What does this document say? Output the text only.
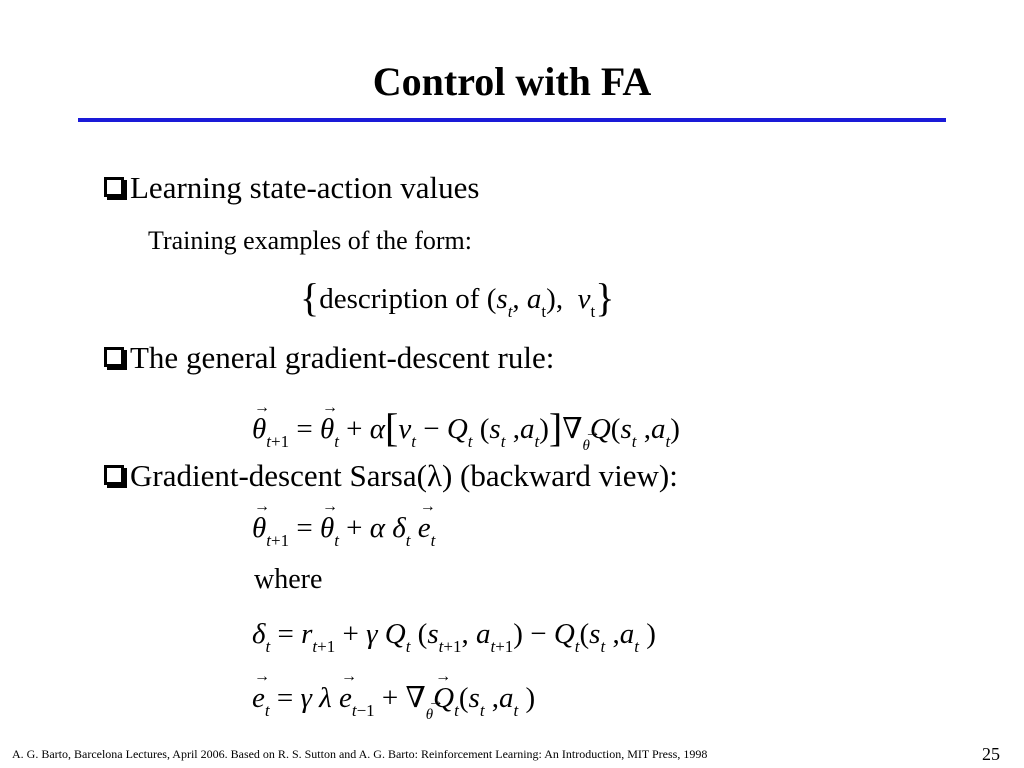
Control with FA
Learning state-action values
Training examples of the form:
{description of ($s_t$, $a_t$),  $v_t$}
The general gradient-descent rule:
→ $\theta_{t+1}$ = → $\theta_t + \alpha[v_t - Q_t$ ($s_t$ $,a_t)]\nabla\to \theta Q(s_t$ $,a_t$)
Gradient-descent Sarsa(λ) (backward view):
→ $\theta_{t+1}$ = → $\theta_t + \alpha$ $\delta_t \to e_t$
where
$\delta_t = r_{t+1} + \gamma$ $Q_t$ ($s_{t+1}$, $a_{t+1}) - Q_t(s_t$ $,a_t$ )
→ $e_t = \gamma$ $\lambda \to e_{t-1}$ + ∇→ $\theta\to Q_t(s_t$ $,a_t$ )
A. G. Barto, Barcelona Lectures, April 2006. Based on R. S. Sutton and A. G. Barto: Reinforcement Learning: An Introduction, MIT Press, 1998	25
